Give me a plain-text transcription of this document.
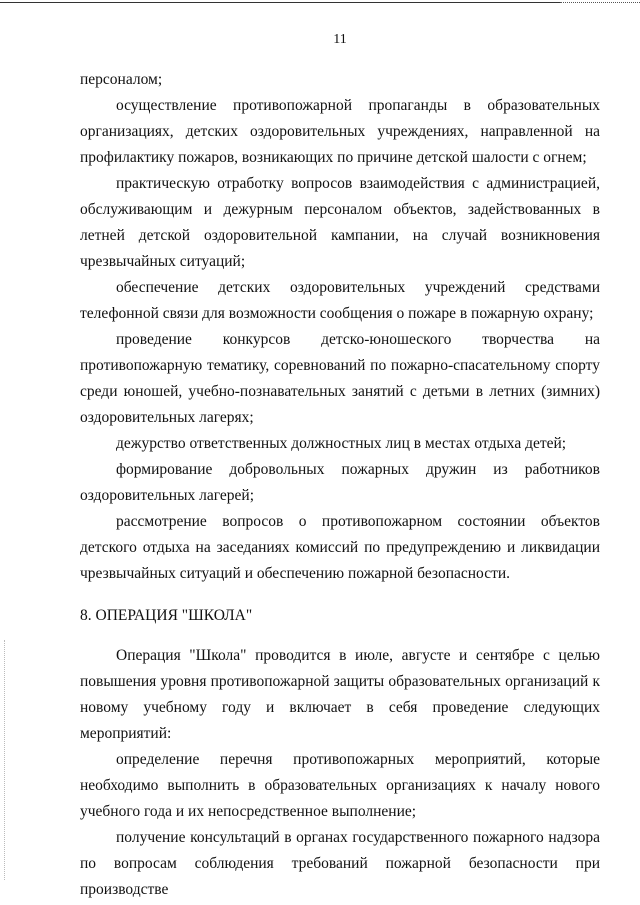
11

персоналом;

осуществление противопожарной пропаганды в образовательных организациях, детских оздоровительных учреждениях, направленной на профилактику пожаров, возникающих по причине детской шалости с огнем;

практическую отработку вопросов взаимодействия с администрацией, обслуживающим и дежурным персоналом объектов, задействованных в летней детской оздоровительной кампании, на случай возникновения чрезвычайных ситуаций;

обеспечение детских оздоровительных учреждений средствами телефонной связи для возможности сообщения о пожаре в пожарную охрану;

проведение конкурсов детско-юношеского творчества на противопожарную тематику, соревнований по пожарно-спасательному спорту среди юношей, учебно-познавательных занятий с детьми в летних (зимних) оздоровительных лагерях;

дежурство ответственных должностных лиц в местах отдыха детей;

формирование добровольных пожарных дружин из работников оздоровительных лагерей;

рассмотрение вопросов о противопожарном состоянии объектов детского отдыха на заседаниях комиссий по предупреждению и ликвидации чрезвычайных ситуаций и обеспечению пожарной безопасности.

8. ОПЕРАЦИЯ "ШКОЛА"

Операция "Школа" проводится в июле, августе и сентябре с целью повышения уровня противопожарной защиты образовательных организаций к новому учебному году и включает в себя проведение следующих мероприятий:

определение перечня противопожарных мероприятий, которые необходимо выполнить в образовательных организациях к началу нового учебного года и их непосредственное выполнение;

получение консультаций в органах государственного пожарного надзора по вопросам соблюдения требований пожарной безопасности при производстве
